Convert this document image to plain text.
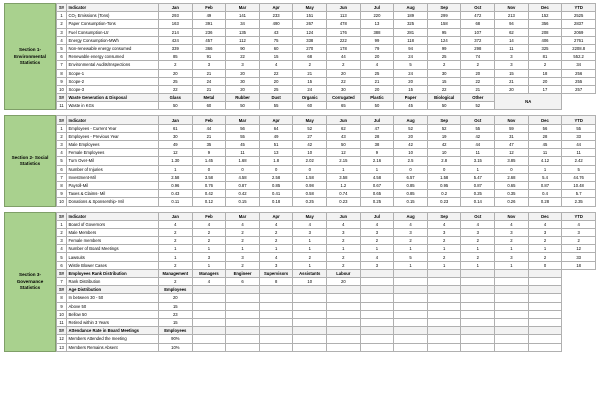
Section 1- Environmental Statistics
S#	Indicator	Jan	Feb	Mar	Apr	May	Jun	Jul	Aug	Sep	Oct	Nov	Dec	YTD
1	CO₂ Emissions (Tons)	293	49	141	233	151	113	220	189	299	472	213	152	2525
2	Paper Consumption-Tons	163	391	34	490	267	478	13	325	158	68	94	356	2837
3	Fuel Consumption-Ltr	214	236	135	43	124	176	388	281	95	107	62	208	2069
4	Energy Consumption-MWh	424	457	112	75	338	222	99	118	124	372	14	406	2761
5	Non-renewable energy consumed	339	366	90	60	270	178	79	94	99	298	11	325	2208.8
6	Renewable energy consumed	85	91	22	15	68	44	20	24	25	74	3	81	552.2
7	Environmental Audits/Inspections	2	3	3	4	2	2	4	5	2	2	3	2	34
8	Scope-1	20	21	20	22	21	20	25	24	30	20	15	18	256
9	Scope-2	25	24	30	20	15	22	21	20	15	22	21	20	255
10	Scope-3	22	21	20	25	24	30	20	15	22	21	20	17	257
S#	Waste Generation & Disposal	Glass	Metal	Rubber	Dust	Organic	Corrugated	Plastic	Paper	Biological	Other	NA		
11	Waste in KGs	50	60	50	55	60	65	50	45	50	52			
Section 2- Social Statistics
S#	Indicator	Jan	Feb	Mar	Apr	May	Jun	Jul	Aug	Sep	Oct	Nov	Dec	YTD
1	Employees - Current Year	61	44	56	64	52	62	47	52	52	55	59	56	55
2	Employees - Previous Year	30	21	55	49	27	43	28	20	19	42	31	28	33
3	Male Employees	49	35	45	51	42	50	38	42	42	44	47	45	44
4	Female Employees	12	9	11	13	10	12	9	10	10	11	12	11	11
5	Turn Over-Mil	1.30	1.45	1.68	1.8	2.02	2.15	2.16	2.5	2.8	3.15	3.85	4.12	2.42
6	Number of Injuries	1	0	0	0	0	1	1	0	0	1	0	1	5
7	Investment-Mil	2.58	3.58	4.58	2.58	1.58	3.58	4.58	6.57	1.58	5.47	2.68	5.4	44.76
8	Payroll-Mil	0.96	0.76	0.87	0.85	0.98	1.2	0.67	0.85	0.95	0.87	0.65	0.87	10.48
9	Taxes & Claims- Mil	0.43	0.42	0.42	0.41	0.58	0.74	0.65	0.85	0.2	0.25	0.35	0.4	5.7
10	Donations & Sponsership- Mil	0.11	0.12	0.15	0.18	0.25	0.23	0.25	0.15	0.23	0.14	0.26	0.28	2.35
Section 3- Governance Statistics
S#	Indicator	Jan	Feb	Mar	Apr	May	Jun	Jul	Aug	Sep	Oct	Nov	Dec	YTD
1	Board of Governors	4	4	4	4	4	4	4	4	4	4	4	4	4
2	Male Members	2	2	2	2	3	3	3	3	3	3	3	3	3
3	Female members	2	2	2	2	1	2	2	2	2	2	2	2	2
4	Number of Board Meetings	1	1	1	1	1	1	1	1	1	1	1	1	12
5	Lawsuits	1	3	3	4	2	2	4	5	2	2	3	2	33
6	Wistle Blower Cases	2	1	2	3	1	2	3	1	1	1	1	0	18
S#	Employees Rank Distribution	Management	Managers	Engineer	Supervisors	Assistants	Labour							
7	Rank Distribution	2	4	6	8	10	20							
S#	Age Distribution	Employees												
8	In between 30 - 50	20												
9	Above 50	15												
10	Bellow 50	23												
11	Retired within 3 Years	15												
S#	Attendance Rate in Board Meetings	Employees												
12	Members Attended the meeting	90%												
13	Members Remains Absent	10%												
